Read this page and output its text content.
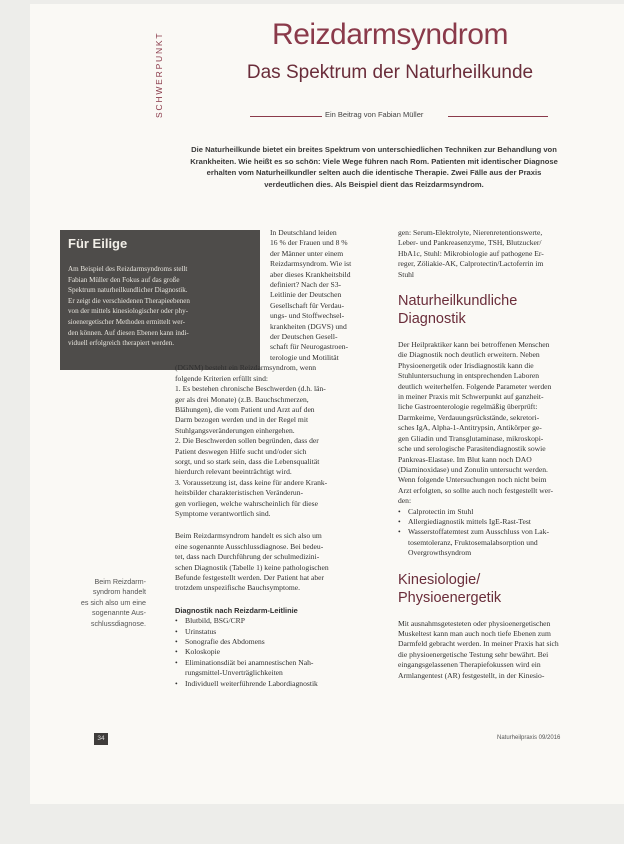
SCHWERPUNKT	Reizdarmsyndrom
Das Spektrum der Naturheilkunde
Ein Beitrag von Fabian Müller
Die Naturheilkunde bietet ein breites Spektrum von unterschiedlichen Techniken zur Behandlung von
Krankheiten. Wie heißt es so schön: Viele Wege führen nach Rom. Patienten mit identischer Diagnose
erhalten vom Naturheilkundler selten auch die identische Therapie. Zwei Fälle aus der Praxis
verdeutlichen dies. Als Beispiel dient das Reizdarmsyndrom.
Für Eilige
Am Beispiel des Reizdarmsyndroms stellt
Fabian Müller den Fokus auf das große
Spektrum naturheilkundlicher Diagnostik.
Er zeigt die verschiedenen Therapieebenen
von der mittels kinesiologischer oder phy-
sioenergetischer Methoden ermittelt wer-
den können. Auf diesen Ebenen kann indi-
viduell erfolgreich therapiert werden.
Beim Reizdarm-
syndrom handelt
es sich also um eine
sogenannte Aus-
schlussdiagnose.
In Deutschland leiden
16 % der Frauen und 8 %
der Männer unter einem
Reizdarmsyndrom. Wie ist
aber dieses Krankheitsbild
definiert? Nach der S3-
Leitlinie der Deutschen
Gesellschaft für Verdau-
ungs- und Stoffwechsel-
krankheiten (DGVS) und
der Deutschen Gesell-
schaft für Neurogastroen-
terologie und Motilität
(DGNM) besteht ein Reizdarmsyndrom, wenn
folgende Kriterien erfüllt sind:
1. Es bestehen chronische Beschwerden (d.h. län-
ger als drei Monate) (z.B. Bauchschmerzen,
Blähungen), die vom Patient und Arzt auf den
Darm bezogen werden und in der Regel mit
Stuhlgangsveränderungen einhergehen.
2. Die Beschwerden sollen begründen, dass der
Patient deswegen Hilfe sucht und/oder sich
sorgt, und so stark sein, dass die Lebensqualität
hierdurch relevant beeinträchtigt wird.
3. Voraussetzung ist, dass keine für andere Krank-
heitsbilder charakteristischen Veränderun-
gen vorliegen, welche wahrscheinlich für diese
Symptome verantwortlich sind.
Beim Reizdarmsyndrom handelt es sich also um
eine sogenannte Ausschlussdiagnose. Bei bedeu-
tet, dass nach Durchführung der schulmedizini-
schen Diagnostik (Tabelle 1) keine pathologischen
Befunde festgestellt werden. Der Patient hat aber
trotzdem unspezifische Bauchsymptome.
Diagnostik nach Reizdarm-Leitlinie
• Blutbild, BSG/CRP
• Urinstatus
• Sonografie des Abdomens
• Koloskopie
• Eliminationsdiät bei anamnestischen Nah-
rungsmittel-Unverträglichkeiten
• Individuell weiterführende Labordiagnostik
gen: Serum-Elektrolyte, Nierenretentionswerte,
Leber- und Pankreasenzyme, TSH, Blutzucker/
HbA1c, Stuhl: Mikrobiologie auf pathogene Er-
reger, Zöliakie-AK, Calprotectin/Lactoferrin im
Stuhl
Naturheilkundliche
Diagnostik
Der Heilpraktiker kann bei betroffenen Menschen
die Diagnostik noch deutlich erweitern. Neben
Physioenergetik oder Irisdiagnostik kann die
Stuhluntersuchung in entsprechenden Laboren
deutlich weiterhelfen. Folgende Parameter werden
in meiner Praxis mit Schwerpunkt auf ganzheit-
liche Gastroenterologie regelmäßig überprüft:
Darmkeime, Verdauungsrückstände, sekretori-
sches IgA, Alpha-1-Antitrypsin, Antikörper ge-
gen Gliadin und Transglutaminase, mikroskopi-
sche und serologische Parasitendiagnostik sowie
Pankreas-Elastase. Im Blut kann noch DAO
(Diaminoxidase) und Zonulin untersucht werden.
Wenn folgende Untersuchungen noch nicht beim
Arzt erfolgten, so sollte auch noch festgestellt wer-
den:
• Calprotectin im Stuhl
• Allergiediagnostik mittels IgE-Rast-Test
• Wasserstoffatemtest zum Ausschluss von Lak-
tosemtoleranz, Fruktosemalabsorption und
Overgrowthsyndrom
Kinesiologie/
Physioenergetik
Mit ausnahmsgetesteten oder physioenergetischen
Muskeltest kann man auch noch tiefe Ebenen zum
Darmfeld gebracht werden. In meiner Praxis hat sich
die physioenergetische Testung sehr bewährt. Bei
eingangsgelassenen Therapiefokussen wird ein
Armlangentest (AR) festgestellt, in der Kinesio-
34	Naturheilpraxis 09/2016
